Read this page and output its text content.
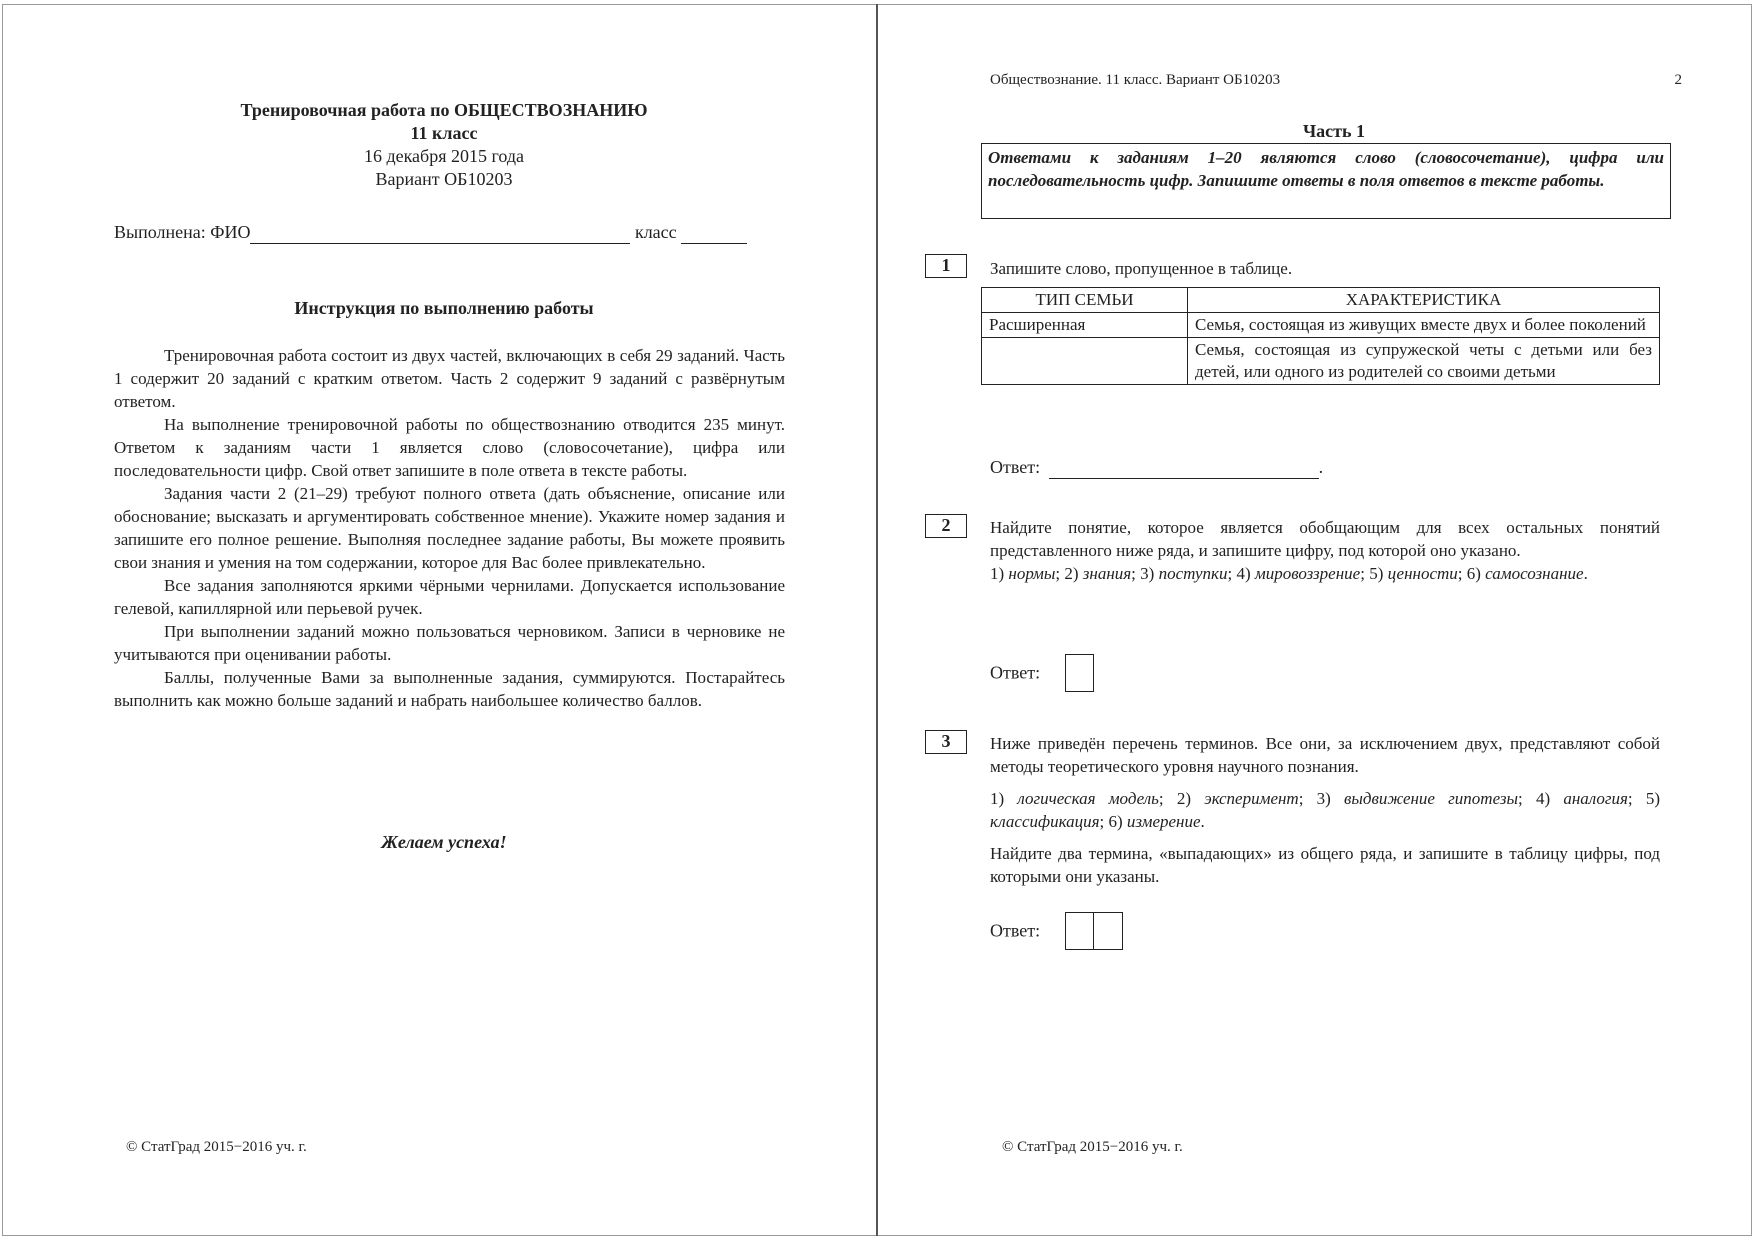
Тренировочная работа по ОБЩЕСТВОЗНАНИЮ
11 класс
16 декабря 2015 года
Вариант ОБ10203
Выполнена: ФИО	класс
Инструкция по выполнению работы

Тренировочная работа состоит из двух частей, включающих в себя 29 заданий. Часть 1 содержит 20 заданий с кратким ответом. Часть 2 содержит 9 заданий с развёрнутым ответом.

На выполнение тренировочной работы по обществознанию отводится 235 минут. Ответом к заданиям части 1 является слово (словосочетание), цифра или последовательности цифр. Свой ответ запишите в поле ответа в тексте работы.

Задания части 2 (21–29) требуют полного ответа (дать объяснение, описание или обоснование; высказать и аргументировать собственное мнение). Укажите номер задания и запишите его полное решение. Выполняя последнее задание работы, Вы можете проявить свои знания и умения на том содержании, которое для Вас более привлекательно.

Все задания заполняются яркими чёрными чернилами. Допускается использование гелевой, капиллярной или перьевой ручек.

При выполнении заданий можно пользоваться черновиком. Записи в черновике не учитываются при оценивании работы.

Баллы, полученные Вами за выполненные задания, суммируются. Постарайтесь выполнить как можно больше заданий и набрать наибольшее количество баллов.

Желаем успеха!
© СтатГрад 2015−2016 уч. г.
Обществознание. 11 класс. Вариант ОБ10203	2
Часть 1
Ответами к заданиям 1–20 являются слово (словосочетание), цифра или последовательность цифр. Запишите ответы в поля ответов в тексте работы.
1	Запишите слово, пропущенное в таблице.
ТИП СЕМЬИ	ХАРАКТЕРИСТИКА
Расширенная	Семья, состоящая из живущих вместе двух и более поколений
	Семья, состоящая из супружеской четы с детьми или без детей, или одного из родителей со своими детьми
Ответ:	.
2	Найдите понятие, которое является обобщающим для всех остальных понятий представленного ниже ряда, и запишите цифру, под которой оно указано.
1) нормы; 2) знания; 3) поступки; 4) мировоззрение; 5) ценности; 6) самосознание.
Ответ:
3	Ниже приведён перечень терминов. Все они, за исключением двух, представляют собой методы теоретического уровня научного познания.
1) логическая модель; 2) эксперимент; 3) выдвижение гипотезы; 4) аналогия; 5) классификация; 6) измерение.
Найдите два термина, «выпадающих» из общего ряда, и запишите в таблицу цифры, под которыми они указаны.
Ответ:
© СтатГрад 2015−2016 уч. г.
